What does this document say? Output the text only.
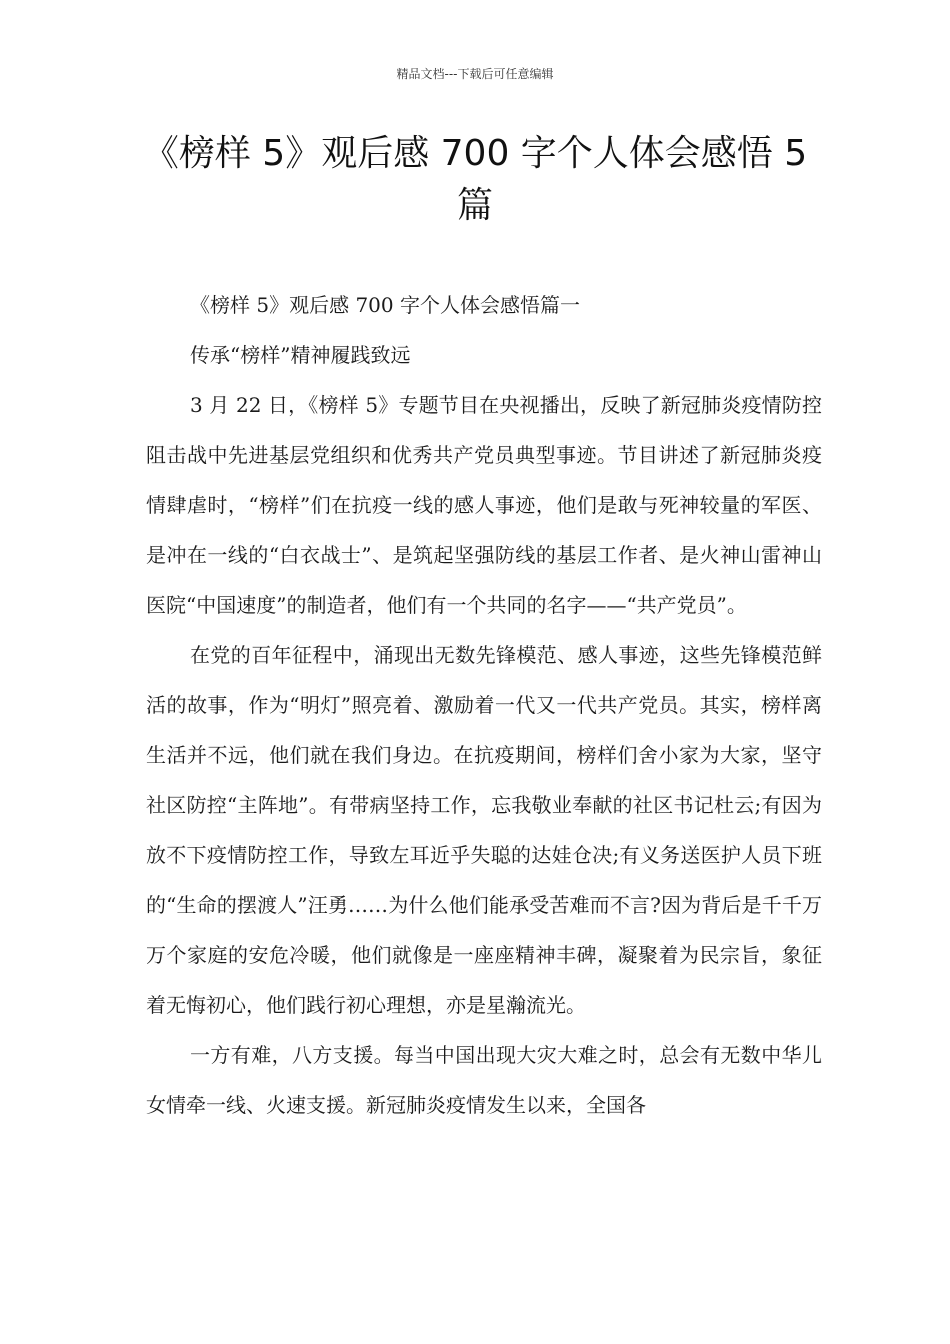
精品文档---下载后可任意编辑
《榜样 5》观后感 700 字个人体会感悟 5 篇

《榜样 5》观后感 700 字个人体会感悟篇一

传承“榜样”精神履践致远

3 月 22 日，《榜样 5》专题节目在央视播出，反映了新冠肺炎疫情防控阻击战中先进基层党组织和优秀共产党员典型事迹。节目讲述了新冠肺炎疫情肆虐时，“榜样”们在抗疫一线的感人事迹，他们是敢与死神较量的军医、是冲在一线的“白衣战士”、是筑起坚强防线的基层工作者、是火神山雷神山医院“中国速度”的制造者，他们有一个共同的名字——“共产党员”。

在党的百年征程中，涌现出无数先锋模范、感人事迹，这些先锋模范鲜活的故事，作为“明灯”照亮着、激励着一代又一代共产党员。其实，榜样离生活并不远，他们就在我们身边。在抗疫期间，榜样们舍小家为大家，坚守社区防控“主阵地”。有带病坚持工作，忘我敬业奉献的社区书记杜云;有因为放不下疫情防控工作，导致左耳近乎失聪的达娃仓决;有义务送医护人员下班的“生命的摆渡人”汪勇……为什么他们能承受苦难而不言?因为背后是千千万万个家庭的安危冷暖，他们就像是一座座精神丰碑，凝聚着为民宗旨，象征着无悔初心，他们践行初心理想，亦是星瀚流光。

一方有难，八方支援。每当中国出现大灾大难之时，总会有无数中华儿女情牵一线、火速支援。新冠肺炎疫情发生以来，全国各
